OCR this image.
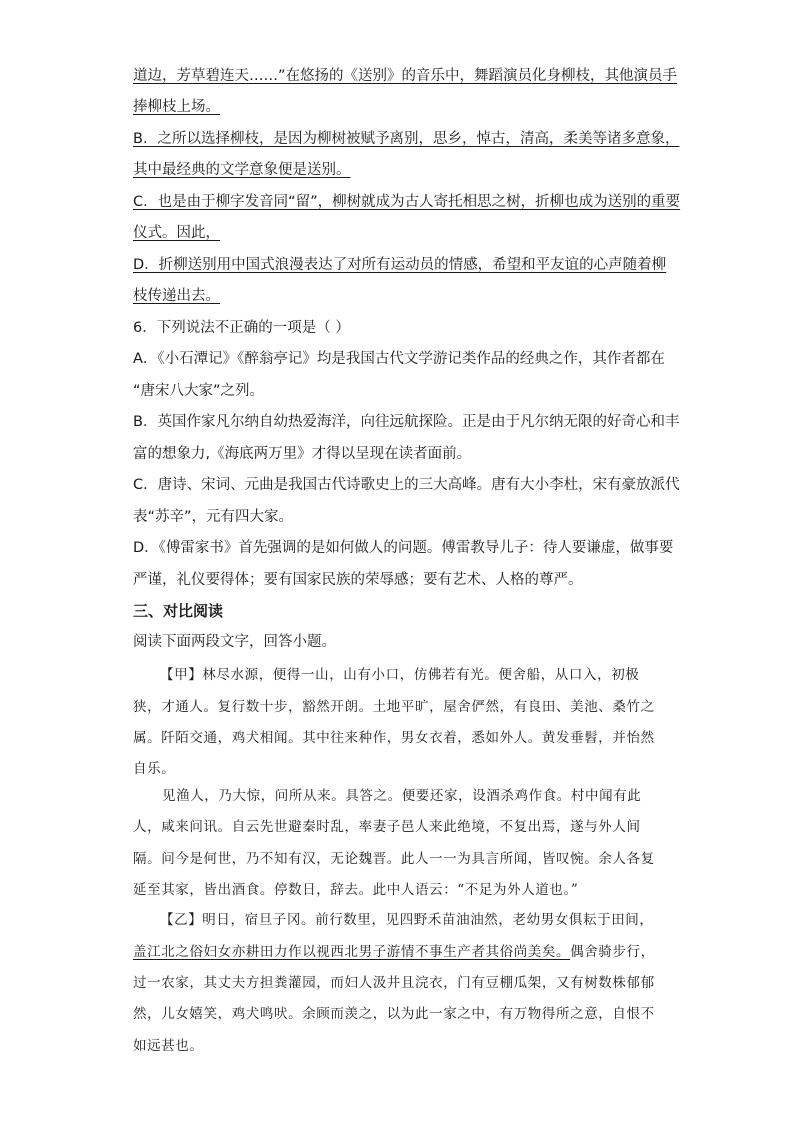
道边，芳草碧连天……”在悠扬的《送别》的音乐中，舞蹈演员化身柳枝，其他演员手
捧柳枝上场。
B．之所以选择柳枝，是因为柳树被赋予离别，思乡，悼古，清高，柔美等诸多意象，
其中最经典的文学意象便是送别。
C．也是由于柳字发音同“留”，柳树就成为古人寄托相思之树，折柳也成为送别的重要
仪式。因此，
D．折柳送别用中国式浪漫表达了对所有运动员的情感，希望和平友谊的心声随着柳
枝传递出去。
6．下列说法不正确的一项是（ ）
A．《小石潭记》《醉翁亭记》均是我国古代文学游记类作品的经典之作，其作者都在
“唐宋八大家”之列。
B．英国作家凡尔纳自幼热爱海洋，向往远航探险。正是由于凡尔纳无限的好奇心和丰
富的想象力,《海底两万里》才得以呈现在读者面前。
C．唐诗、宋词、元曲是我国古代诗歌史上的三大高峰。唐有大小李杜，宋有豪放派代
表“苏辛”，元有四大家。
D．《傅雷家书》首先强调的是如何做人的问题。傅雷教导儿子：待人要谦虚，做事要
严谨，礼仪要得体；要有国家民族的荣辱感；要有艺术、人格的尊严。
三、对比阅读
阅读下面两段文字，回答小题。
【甲】林尽水源，便得一山，山有小口，仿佛若有光。便舍船，从口入，初极
狭，才通人。复行数十步，豁然开朗。土地平旷，屋舍俨然，有良田、美池、桑竹之
属。阡陌交通，鸡犬相闻。其中往来种作，男女衣着，悉如外人。黄发垂髫，并怡然
自乐。
见渔人，乃大惊，问所从来。具答之。便要还家，设酒杀鸡作食。村中闻有此
人，咸来问讯。自云先世避秦时乱，率妻子邑人来此绝境，不复出焉，遂与外人间
隔。问今是何世，乃不知有汉，无论魏晋。此人一一为具言所闻，皆叹惋。余人各复
延至其家，皆出酒食。停数日，辞去。此中人语云：“不足为外人道也。”
【乙】明日，宿旦子冈。前行数里，见四野禾苗油油然，老幼男女俱耘于田间，
盖江北之俗妇女亦耕田力作以视西北男子游情不事生产者其俗尚美矣。偶舍骑步行，
过一农家，其丈夫方担粪灌园，而妇人汲井且浣衣，门有豆棚瓜架，又有树数株郁郁
然，儿女嬉笑，鸡犬鸣吠。余顾而羡之，以为此一家之中，有万物得所之意，自恨不
如远甚也。
